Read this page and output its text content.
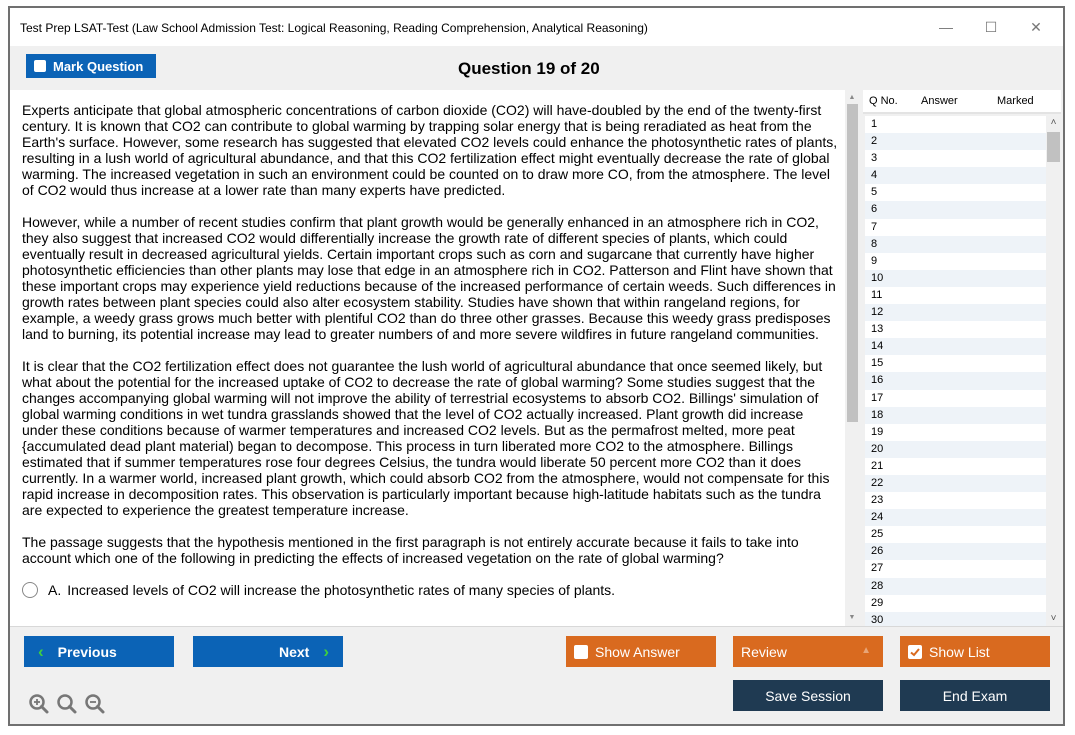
Test Prep LSAT-Test (Law School Admission Test: Logical Reasoning, Reading Comprehension, Analytical Reasoning)	— ☐ ✕
Mark Question	Question 19 of 20

Experts anticipate that global atmospheric concentrations of carbon dioxide (CO2) will have-doubled by the end of the twenty-first century. It is known that CO2 can contribute to global warming by trapping solar energy that is being reradiated as heat from the Earth's surface. However, some research has suggested that elevated CO2 levels could enhance the photosynthetic rates of plants, resulting in a lush world of agricultural abundance, and that this CO2 fertilization effect might eventually decrease the rate of global warming. The increased vegetation in such an environment could be counted on to draw more CO, from the atmosphere. The level of CO2 would thus increase at a lower rate than many experts have predicted.

However, while a number of recent studies confirm that plant growth would be generally enhanced in an atmosphere rich in CO2, they also suggest that increased CO2 would differentially increase the growth rate of different species of plants, which could eventually result in decreased agricultural yields. Certain important crops such as corn and sugarcane that currently have higher photosynthetic efficiencies than other plants may lose that edge in an atmosphere rich in CO2. Patterson and Flint have shown that these important crops may experience yield reductions because of the increased performance of certain weeds. Such differences in growth rates between plant species could also alter ecosystem stability. Studies have shown that within rangeland regions, for example, a weedy grass grows much better with plentiful CO2 than do three other grasses. Because this weedy grass predisposes land to burning, its potential increase may lead to greater numbers of and more severe wildfires in future rangeland communities.

It is clear that the CO2 fertilization effect does not guarantee the lush world of agricultural abundance that once seemed likely, but what about the potential for the increased uptake of CO2 to decrease the rate of global warming? Some studies suggest that the changes accompanying global warming will not improve the ability of terrestrial ecosystems to absorb CO2. Billings' simulation of global warming conditions in wet tundra grasslands showed that the level of CO2 actually increased. Plant growth did increase under these conditions because of warmer temperatures and increased CO2 levels. But as the permafrost melted, more peat {accumulated dead plant material) began to decompose. This process in turn liberated more CO2 to the atmosphere. Billings estimated that if summer temperatures rose four degrees Celsius, the tundra would liberate 50 percent more CO2 than it does currently. In a warmer world, increased plant growth, which could absorb CO2 from the atmosphere, would not compensate for this rapid increase in decomposition rates. This observation is particularly important because high-latitude habitats such as the tundra are expected to experience the greatest temperature increase.

The passage suggests that the hypothesis mentioned in the first paragraph is not entirely accurate because it fails to take into account which one of the following in predicting the effects of increased vegetation on the rate of global warming?

A. Increased levels of CO2 will increase the photosynthetic rates of many species of plants.
▲
▼
Q No. Answer	Marked
1
2
3
4
5
6
7
8
9
10
11
12
13
14
15
16
17
18
19
20
21
22
23
24
25
26
27
28
29
30
˄
˅
‹ Previous	Next ›	Show Answer	Review	▲	Show List
Save Session	End Exam
